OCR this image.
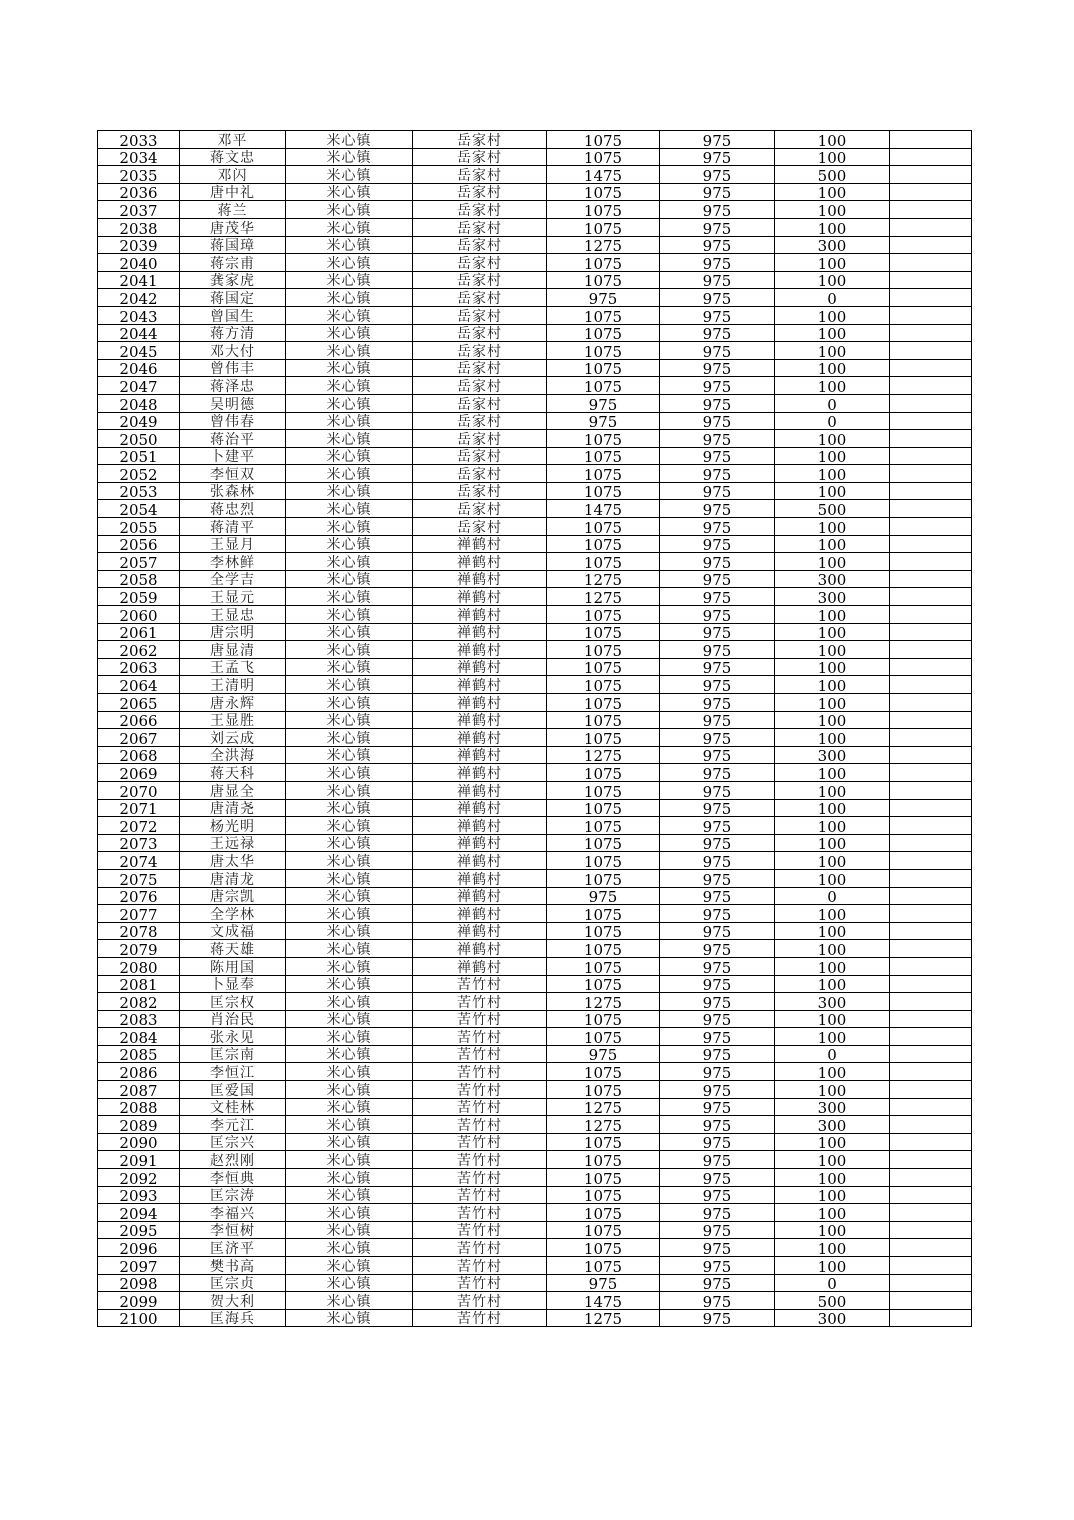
2033	邓平	米心镇	岳家村	1075	975	100	
2034	蒋文忠	米心镇	岳家村	1075	975	100	
2035	邓闪	米心镇	岳家村	1475	975	500	
2036	唐中礼	米心镇	岳家村	1075	975	100	
2037	蒋兰	米心镇	岳家村	1075	975	100	
2038	唐茂华	米心镇	岳家村	1075	975	100	
2039	蒋国璋	米心镇	岳家村	1275	975	300	
2040	蒋宗甫	米心镇	岳家村	1075	975	100	
2041	龚家虎	米心镇	岳家村	1075	975	100	
2042	蒋国定	米心镇	岳家村	975	975	0	
2043	曾国生	米心镇	岳家村	1075	975	100	
2044	蒋方清	米心镇	岳家村	1075	975	100	
2045	邓大付	米心镇	岳家村	1075	975	100	
2046	曾伟丰	米心镇	岳家村	1075	975	100	
2047	蒋泽忠	米心镇	岳家村	1075	975	100	
2048	吴明德	米心镇	岳家村	975	975	0	
2049	曾伟春	米心镇	岳家村	975	975	0	
2050	蒋治平	米心镇	岳家村	1075	975	100	
2051	卜建平	米心镇	岳家村	1075	975	100	
2052	李恒双	米心镇	岳家村	1075	975	100	
2053	张森林	米心镇	岳家村	1075	975	100	
2054	蒋忠烈	米心镇	岳家村	1475	975	500	
2055	蒋清平	米心镇	岳家村	1075	975	100	
2056	王显月	米心镇	禅鹤村	1075	975	100	
2057	李林鲜	米心镇	禅鹤村	1075	975	100	
2058	全学吉	米心镇	禅鹤村	1275	975	300	
2059	王显元	米心镇	禅鹤村	1275	975	300	
2060	王显忠	米心镇	禅鹤村	1075	975	100	
2061	唐宗明	米心镇	禅鹤村	1075	975	100	
2062	唐显清	米心镇	禅鹤村	1075	975	100	
2063	王孟飞	米心镇	禅鹤村	1075	975	100	
2064	王清明	米心镇	禅鹤村	1075	975	100	
2065	唐永辉	米心镇	禅鹤村	1075	975	100	
2066	王显胜	米心镇	禅鹤村	1075	975	100	
2067	刘云成	米心镇	禅鹤村	1075	975	100	
2068	全洪海	米心镇	禅鹤村	1275	975	300	
2069	蒋天科	米心镇	禅鹤村	1075	975	100	
2070	唐显全	米心镇	禅鹤村	1075	975	100	
2071	唐清尧	米心镇	禅鹤村	1075	975	100	
2072	杨光明	米心镇	禅鹤村	1075	975	100	
2073	王远禄	米心镇	禅鹤村	1075	975	100	
2074	唐太华	米心镇	禅鹤村	1075	975	100	
2075	唐清龙	米心镇	禅鹤村	1075	975	100	
2076	唐宗凯	米心镇	禅鹤村	975	975	0	
2077	全学林	米心镇	禅鹤村	1075	975	100	
2078	文成福	米心镇	禅鹤村	1075	975	100	
2079	蒋天雄	米心镇	禅鹤村	1075	975	100	
2080	陈用国	米心镇	禅鹤村	1075	975	100	
2081	卜显奉	米心镇	苦竹村	1075	975	100	
2082	匡宗权	米心镇	苦竹村	1275	975	300	
2083	肖治民	米心镇	苦竹村	1075	975	100	
2084	张永见	米心镇	苦竹村	1075	975	100	
2085	匡宗南	米心镇	苦竹村	975	975	0	
2086	李恒江	米心镇	苦竹村	1075	975	100	
2087	匡爱国	米心镇	苦竹村	1075	975	100	
2088	文桂林	米心镇	苦竹村	1275	975	300	
2089	李元江	米心镇	苦竹村	1275	975	300	
2090	匡宗兴	米心镇	苦竹村	1075	975	100	
2091	赵烈刚	米心镇	苦竹村	1075	975	100	
2092	李恒典	米心镇	苦竹村	1075	975	100	
2093	匡宗涛	米心镇	苦竹村	1075	975	100	
2094	李福兴	米心镇	苦竹村	1075	975	100	
2095	李恒树	米心镇	苦竹村	1075	975	100	
2096	匡济平	米心镇	苦竹村	1075	975	100	
2097	樊书高	米心镇	苦竹村	1075	975	100	
2098	匡宗贞	米心镇	苦竹村	975	975	0	
2099	贺大利	米心镇	苦竹村	1475	975	500	
2100	匡海兵	米心镇	苦竹村	1275	975	300	
